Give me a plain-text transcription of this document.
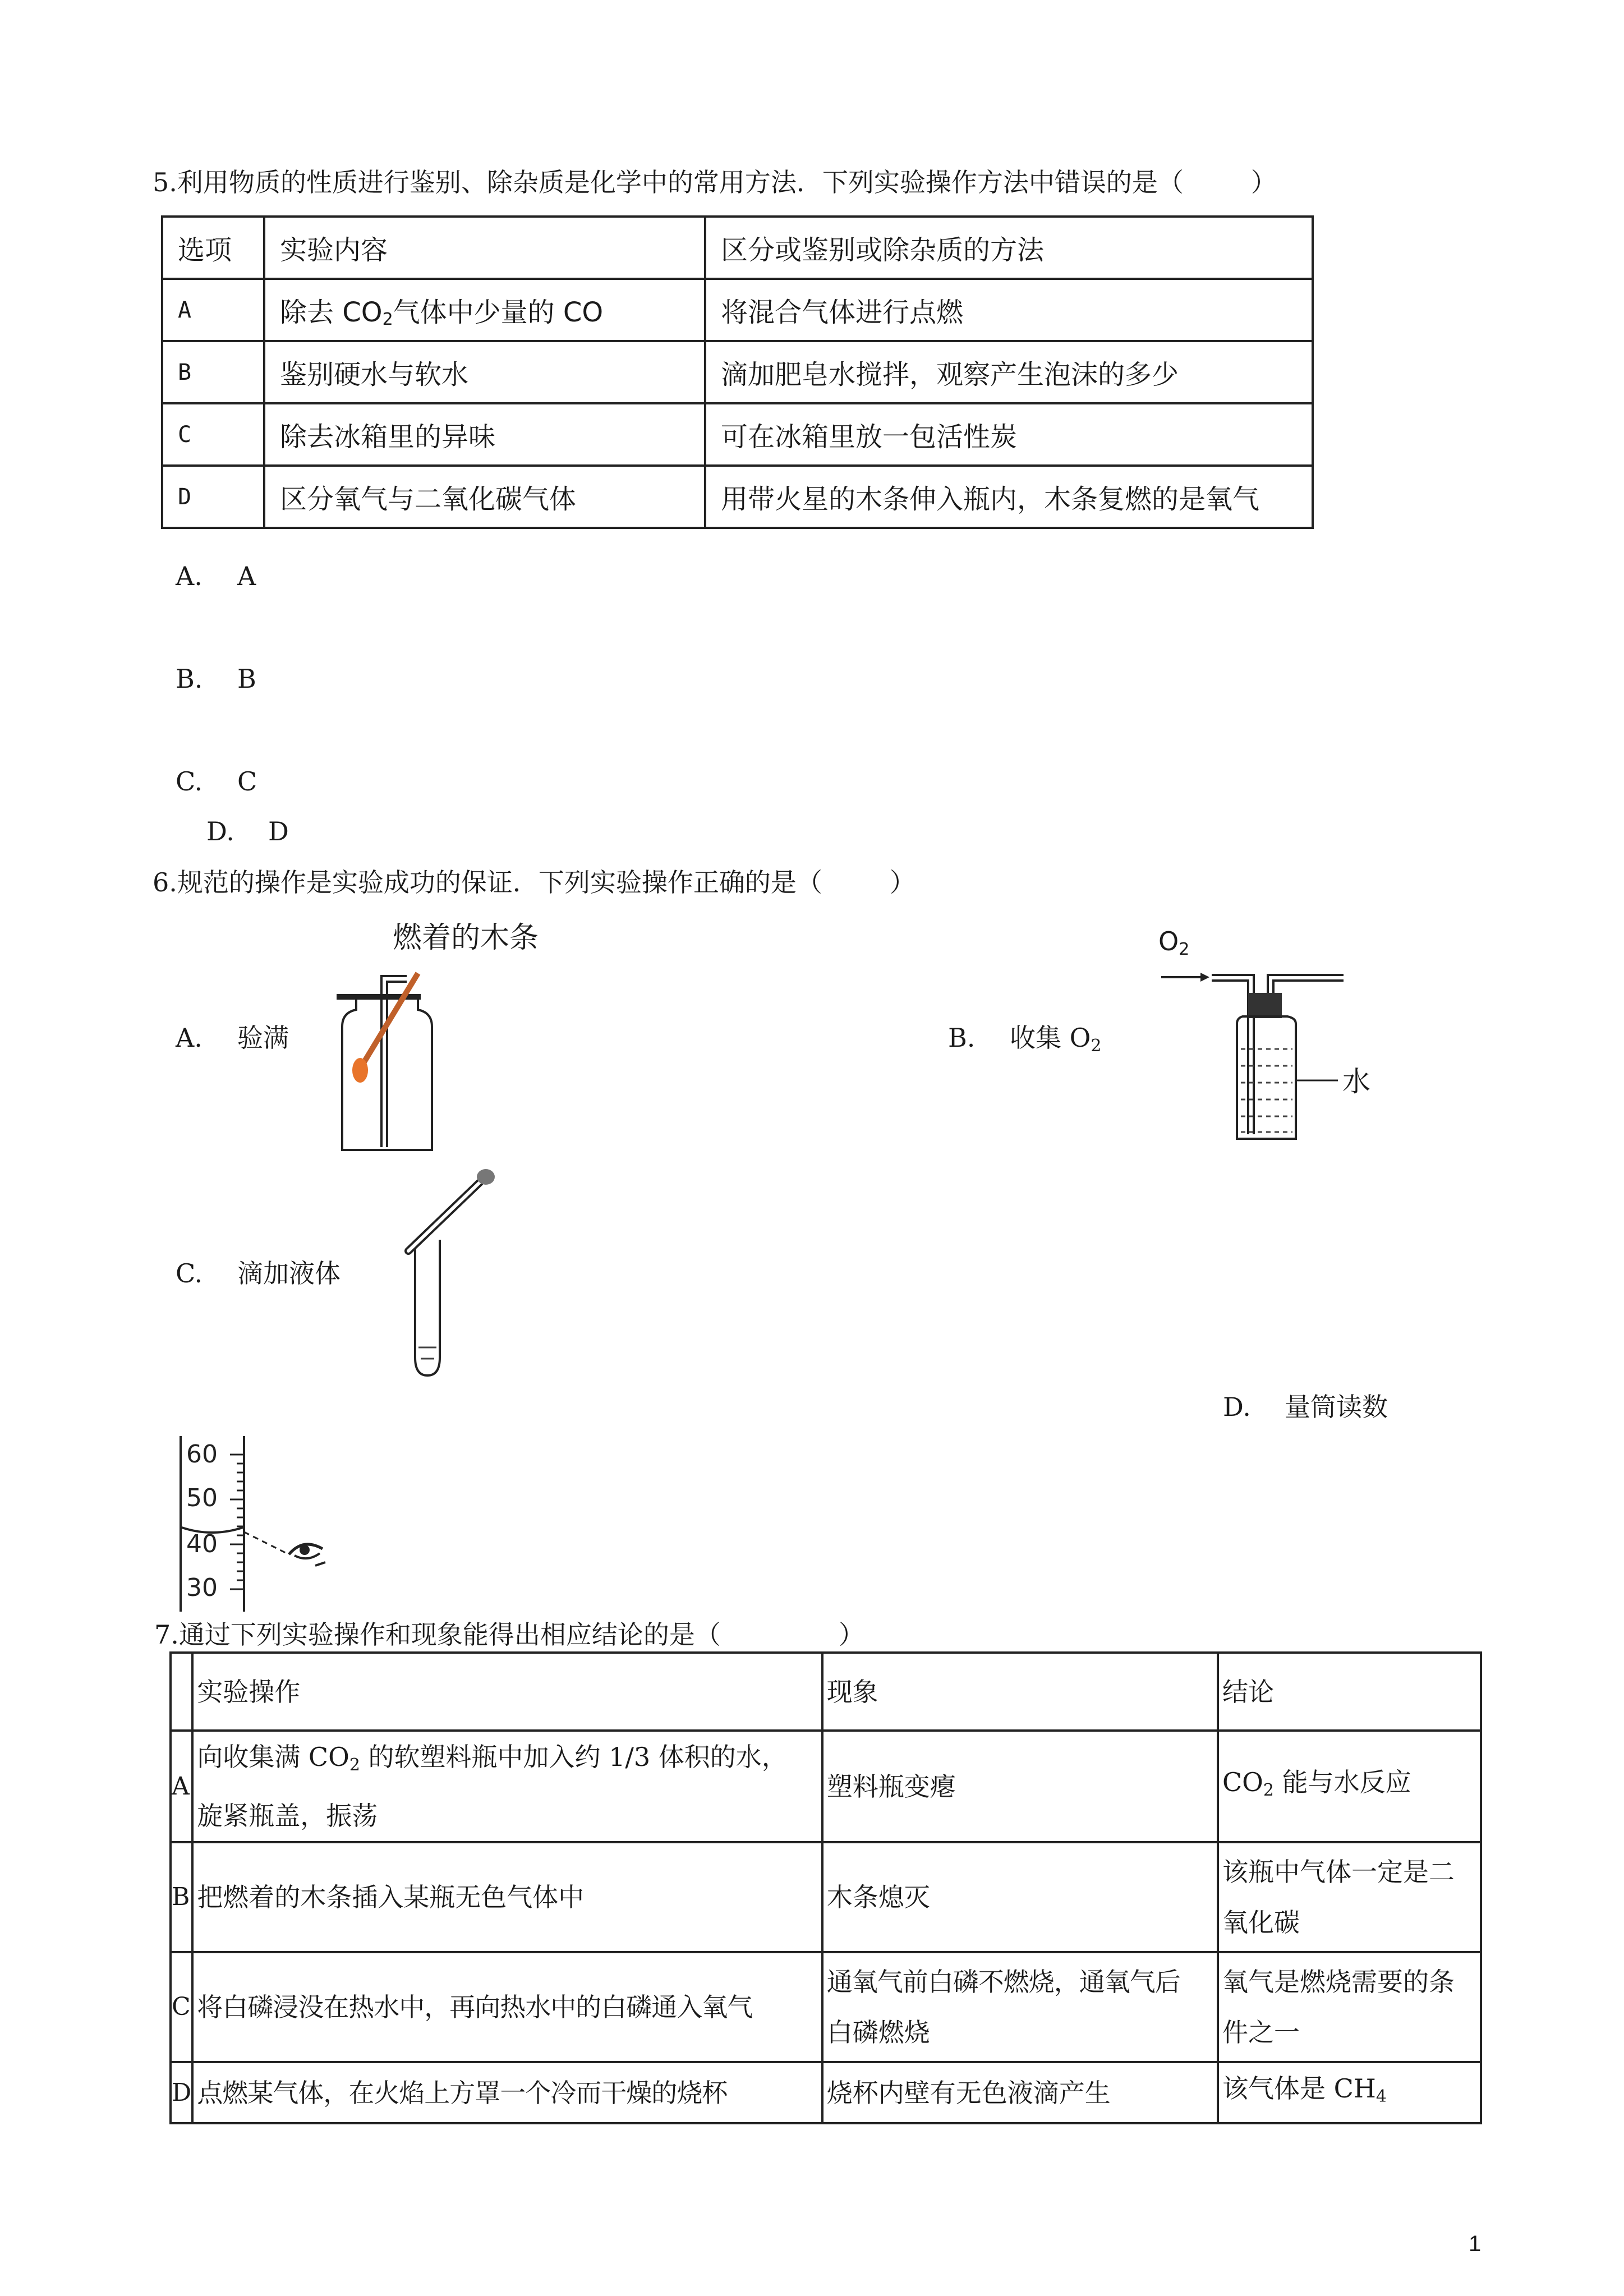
5.利用物质的性质进行鉴别、除杂质是化学中的常用方法．下列实验操作方法中错误的是（	）
选项	实验内容	区分或鉴别或除杂质的方法
A	除去 $CO_2$气体中少量的 CO	将混合气体进行点燃
B	鉴别硬水与软水	滴加肥皂水搅拌，观察产生泡沫的多少
C	除去冰箱里的异味	可在冰箱里放一包活性炭
D	区分氧气与二氧化碳气体	用带火星的木条伸入瓶内，木条复燃的是氧气
A. A
B. B
C. C
D. D
6.规范的操作是实验成功的保证．下列实验操作正确的是（	）
A. 验满
燃着的木条
B. 收集 O2
O2
水
C. 滴加液体
D. 量筒读数
60
50
40
30
7.通过下列实验操作和现象能得出相应结论的是（	）
	实验操作	现象	结论
A	向收集满 $CO_2$ 的软塑料瓶中加入约 1/3 体积的水，
旋紧瓶盖，振荡	塑料瓶变瘪	$CO_2$ 能与水反应
B	把燃着的木条插入某瓶无色气体中	木条熄灭	该瓶中气体一定是二
氧化碳

C	将白磷浸没在热水中，再向热水中的白磷通入氧气	通氧气前白磷不燃烧，通氧气后
白磷燃烧	氧气是燃烧需要的条
件之一

D	点燃某气体，在火焰上方罩一个冷而干燥的烧杯	烧杯内壁有无色液滴产生	该气体是 $CH_4$
1
